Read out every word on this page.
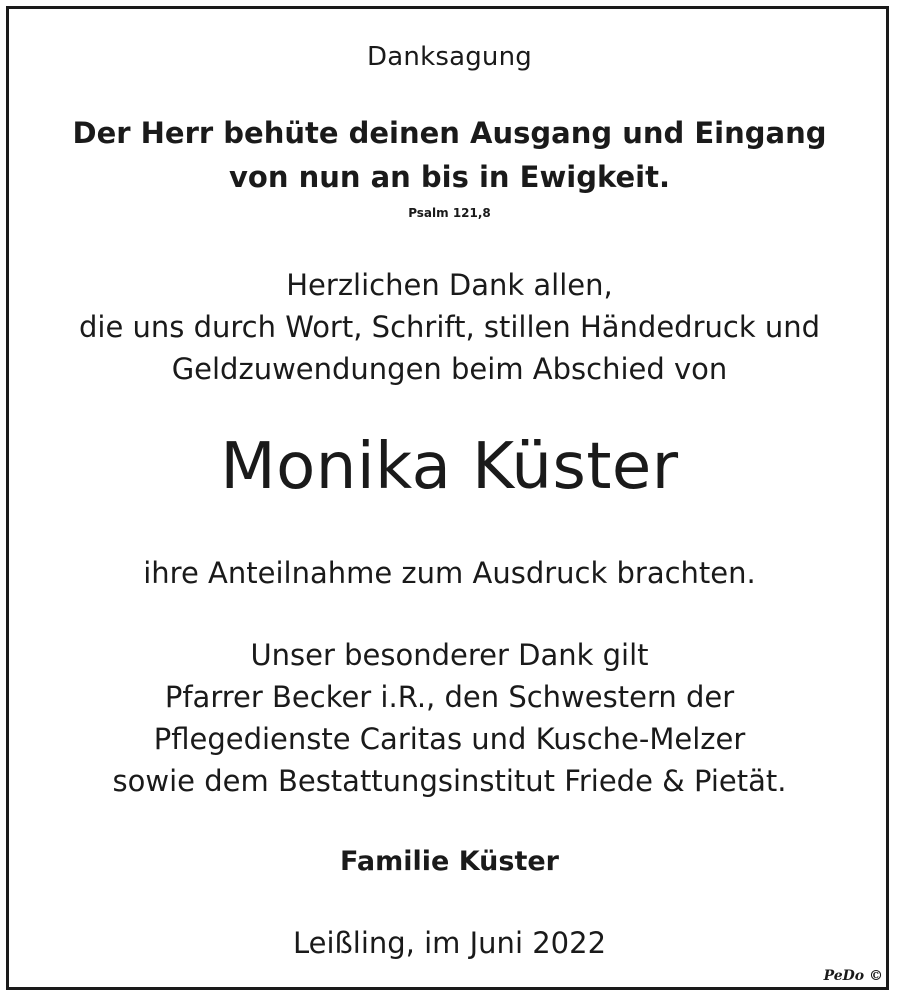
Danksagung

Der Herr behüte deinen Ausgang und Eingang

von nun an bis in Ewigkeit.

Psalm 121,8

Herzlichen Dank allen,

die uns durch Wort, Schrift, stillen Händedruck und

Geldzuwendungen beim Abschied von

Monika Küster

ihre Anteilnahme zum Ausdruck brachten.

Unser besonderer Dank gilt

Pfarrer Becker i.R., den Schwestern der

Pflegedienste Caritas und Kusche-Melzer

sowie dem Bestattungsinstitut Friede & Pietät.

Familie Küster

Leißling, im Juni 2022

PeDo ©
